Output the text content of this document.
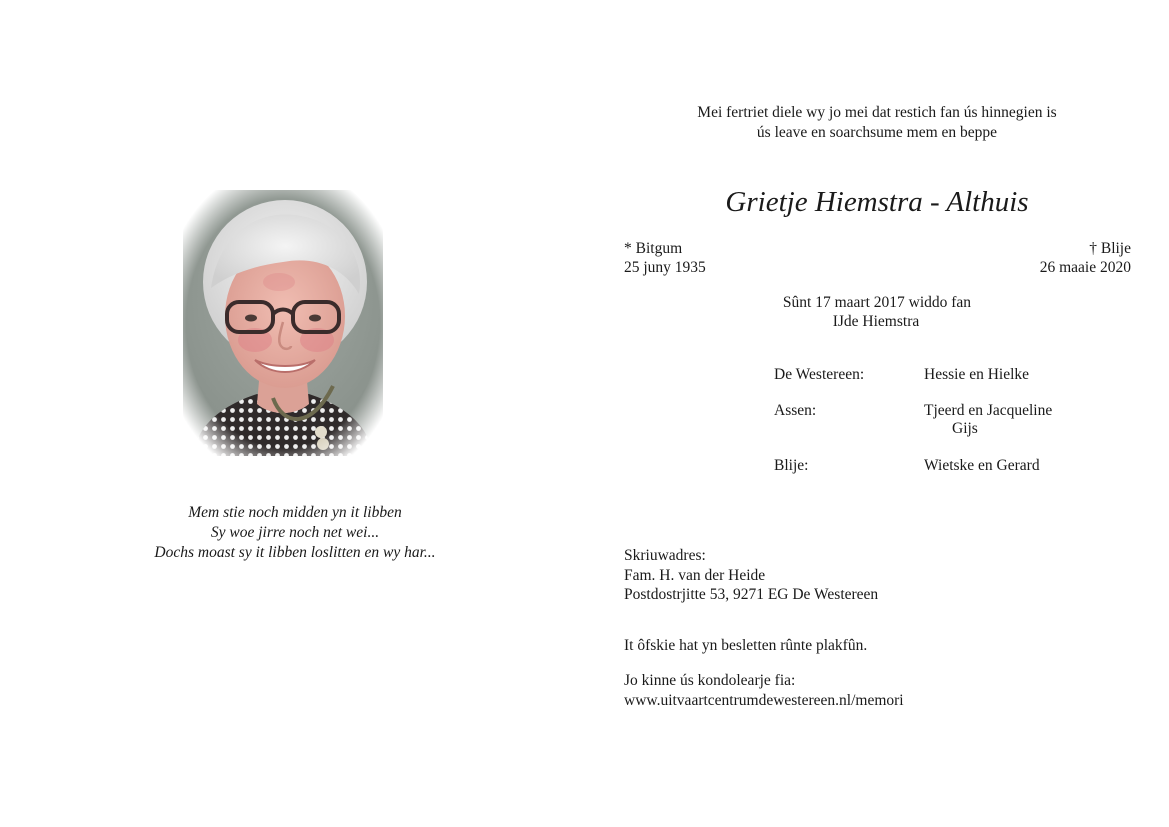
Mem stie noch midden yn it libben
Sy woe jirre noch net wei...
Dochs moast sy it libben loslitten en wy har...
Mei fertriet diele wy jo mei dat restich fan ús hinnegien is
ús leave en soarchsume mem en beppe
Grietje Hiemstra - Althuis
* Bitgum
25 juny 1935
† Blije
26 maaie 2020
Sûnt 17 maart 2017 widdo fan
IJde Hiemstra
De Westereen:	Hessie en Hielke
Assen:	Tjeerd en Jacqueline
Gijs
Blije:	Wietske en Gerard
Skriuwadres:
Fam. H. van der Heide
Postdostrjitte 53, 9271 EG De Westereen
It ôfskie hat yn besletten rûnte plakfûn.
Jo kinne ús kondolearje fia:
www.uitvaartcentrumdewestereen.nl/memori
